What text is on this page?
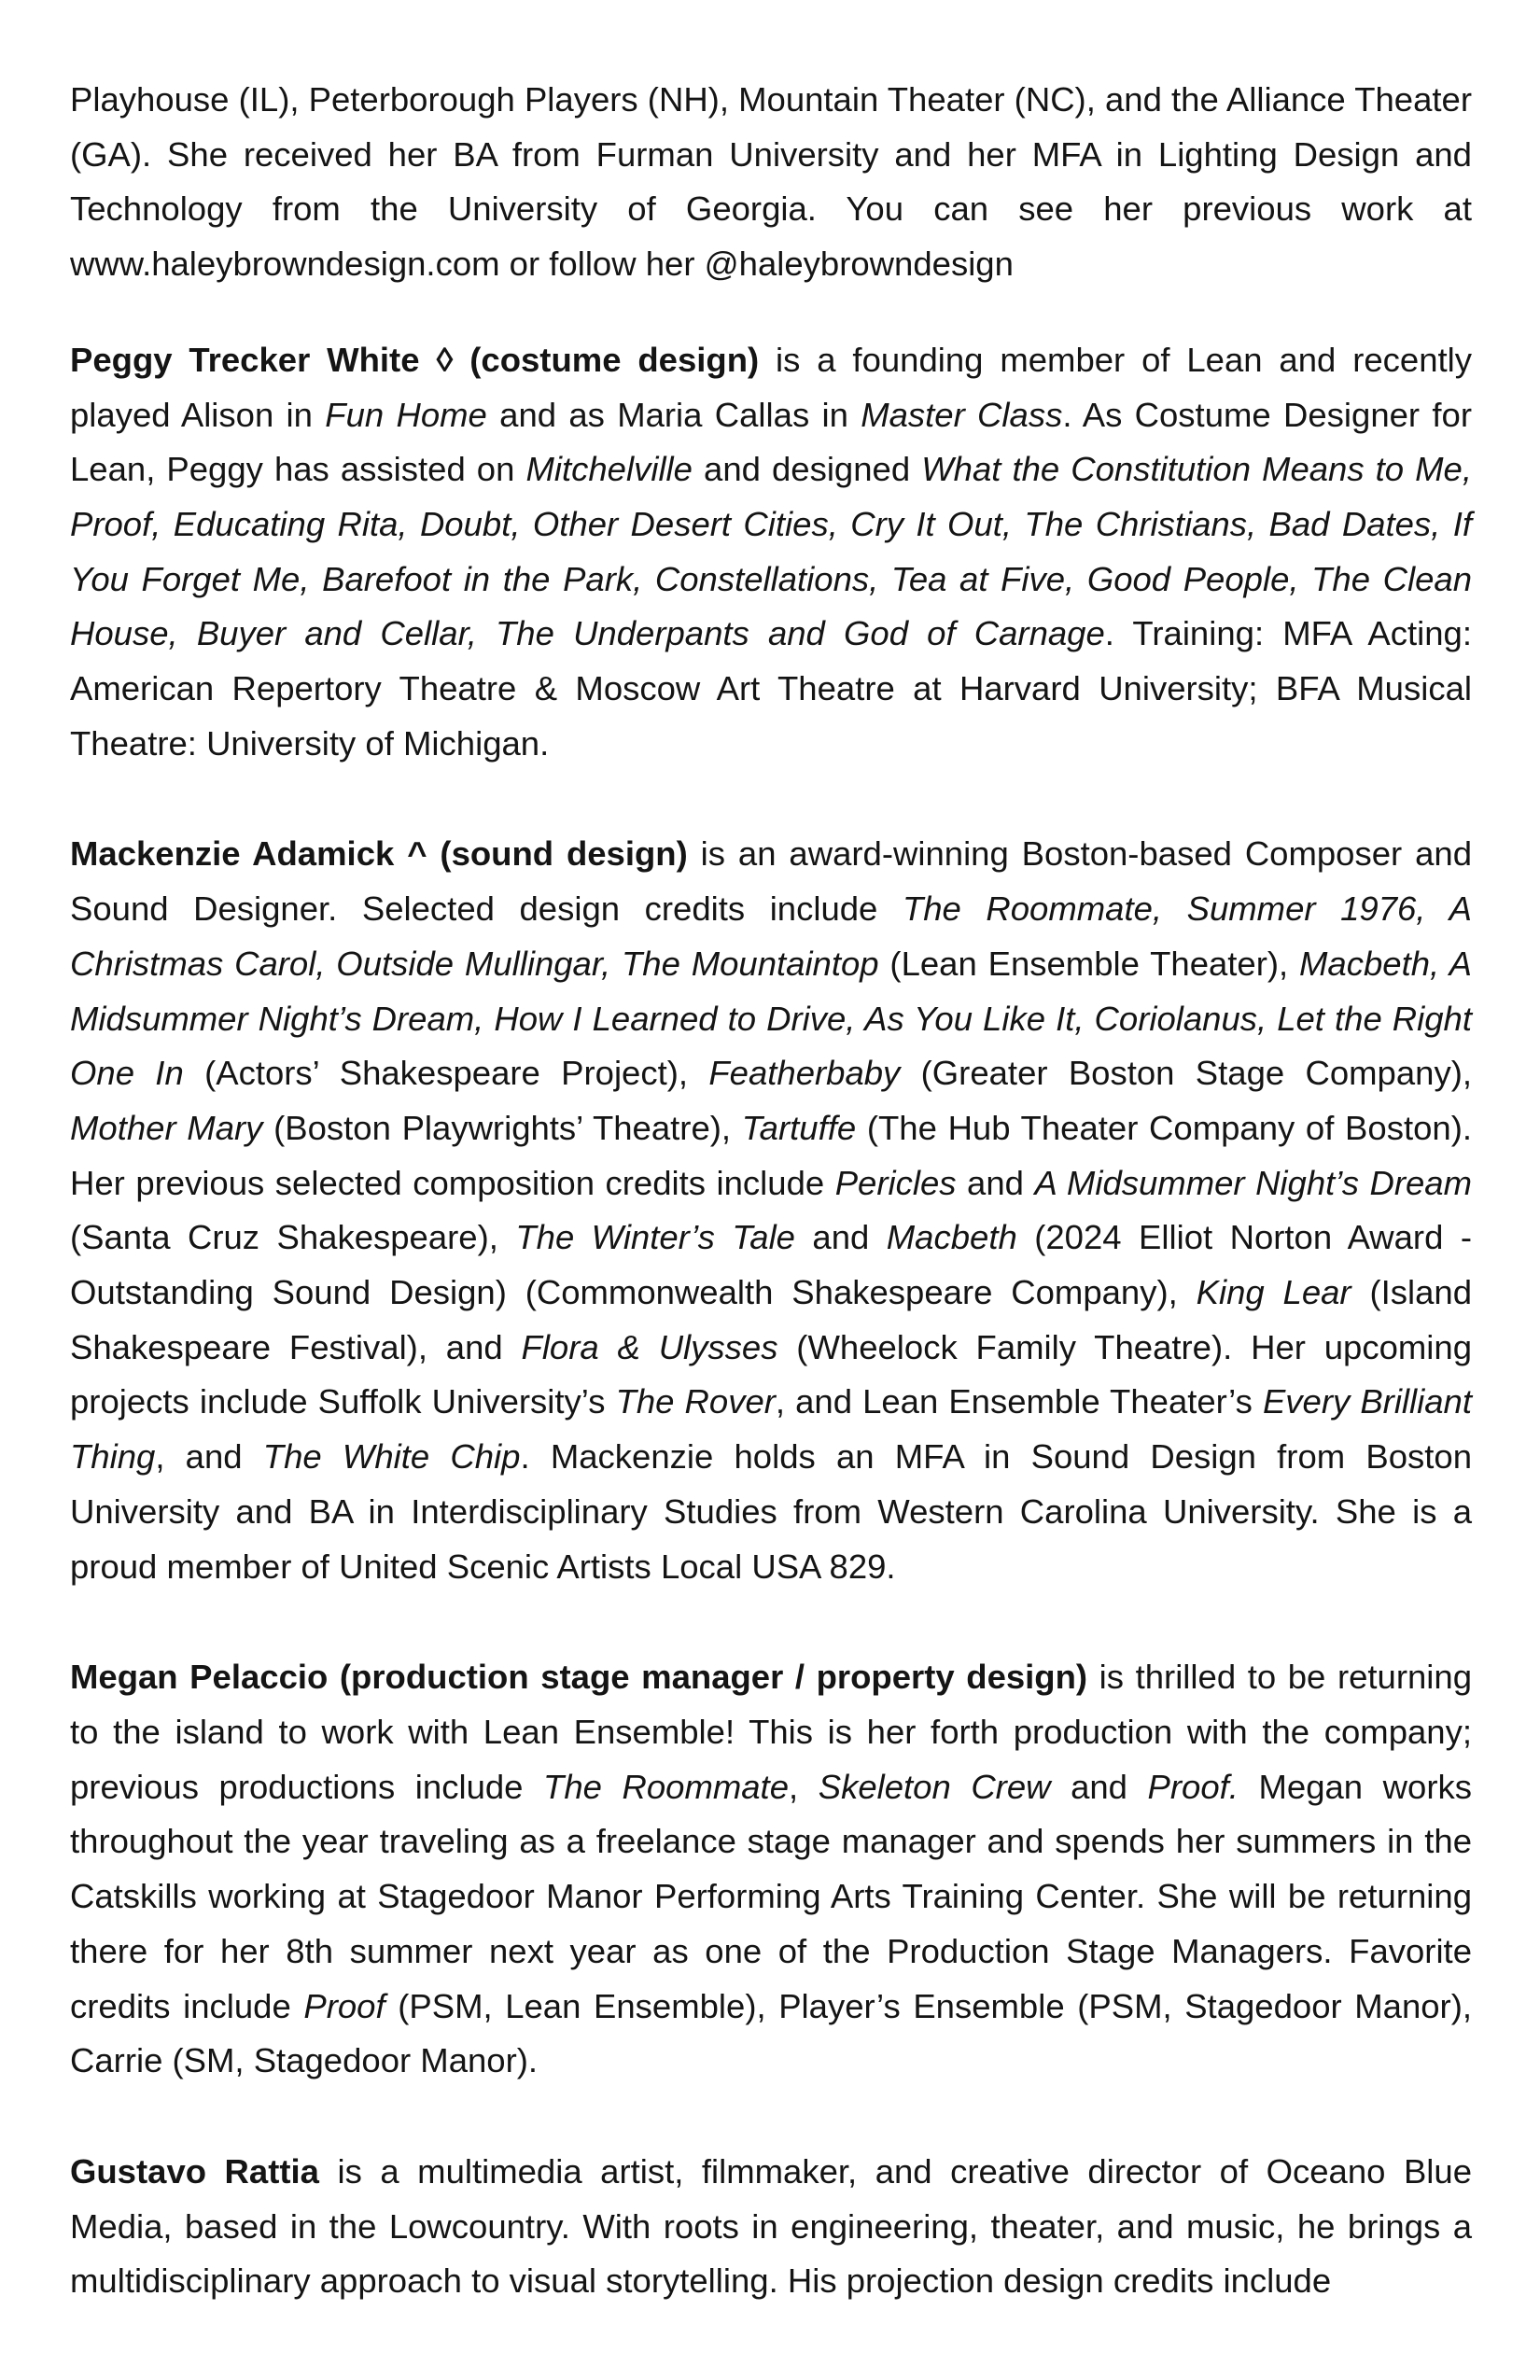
Playhouse (IL), Peterborough Players (NH), Mountain Theater (NC), and the Alliance Theater (GA). She received her BA from Furman University and her MFA in Lighting Design and Technology from the University of Georgia. You can see her previous work at www.haleybrowndesign.com or follow her @haleybrowndesign

Peggy Trecker White ◊ (costume design) is a founding member of Lean and recently played Alison in Fun Home and as Maria Callas in Master Class. As Costume Designer for Lean, Peggy has assisted on Mitchelville and designed What the Constitution Means to Me, Proof, Educating Rita, Doubt, Other Desert Cities, Cry It Out, The Christians, Bad Dates, If You Forget Me, Barefoot in the Park, Constellations, Tea at Five, Good People, The Clean House, Buyer and Cellar, The Underpants and God of Carnage. Training: MFA Acting: American Repertory Theatre & Moscow Art Theatre at Harvard University; BFA Musical Theatre: University of Michigan.

Mackenzie Adamick ^ (sound design) is an award-winning Boston-based Composer and Sound Designer. Selected design credits include The Roommate, Summer 1976, A Christmas Carol, Outside Mullingar, The Mountaintop (Lean Ensemble Theater), Macbeth, A Midsummer Night’s Dream, How I Learned to Drive, As You Like It, Coriolanus, Let the Right One In (Actors’ Shakespeare Project), Featherbaby (Greater Boston Stage Company), Mother Mary (Boston Playwrights’ Theatre), Tartuffe (The Hub Theater Company of Boston). Her previous selected composition credits include Pericles and A Midsummer Night’s Dream (Santa Cruz Shakespeare), The Winter’s Tale and Macbeth (2024 Elliot Norton Award - Outstanding Sound Design) (Commonwealth Shakespeare Company), King Lear (Island Shakespeare Festival), and Flora & Ulysses (Wheelock Family Theatre). Her upcoming projects include Suffolk University’s The Rover, and Lean Ensemble Theater’s Every Brilliant Thing, and The White Chip. Mackenzie holds an MFA in Sound Design from Boston University and BA in Interdisciplinary Studies from Western Carolina University. She is a proud member of United Scenic Artists Local USA 829.

Megan Pelaccio (production stage manager / property design) is thrilled to be returning to the island to work with Lean Ensemble! This is her forth production with the company; previous productions include The Roommate, Skeleton Crew and Proof. Megan works throughout the year traveling as a freelance stage manager and spends her summers in the Catskills working at Stagedoor Manor Performing Arts Training Center. She will be returning there for her 8th summer next year as one of the Production Stage Managers. Favorite credits include Proof (PSM, Lean Ensemble), Player’s Ensemble (PSM, Stagedoor Manor), Carrie (SM, Stagedoor Manor).

Gustavo Rattia is a multimedia artist, filmmaker, and creative director of Oceano Blue Media, based in the Lowcountry. With roots in engineering, theater, and music, he brings a multidisciplinary approach to visual storytelling. His projection design credits include
